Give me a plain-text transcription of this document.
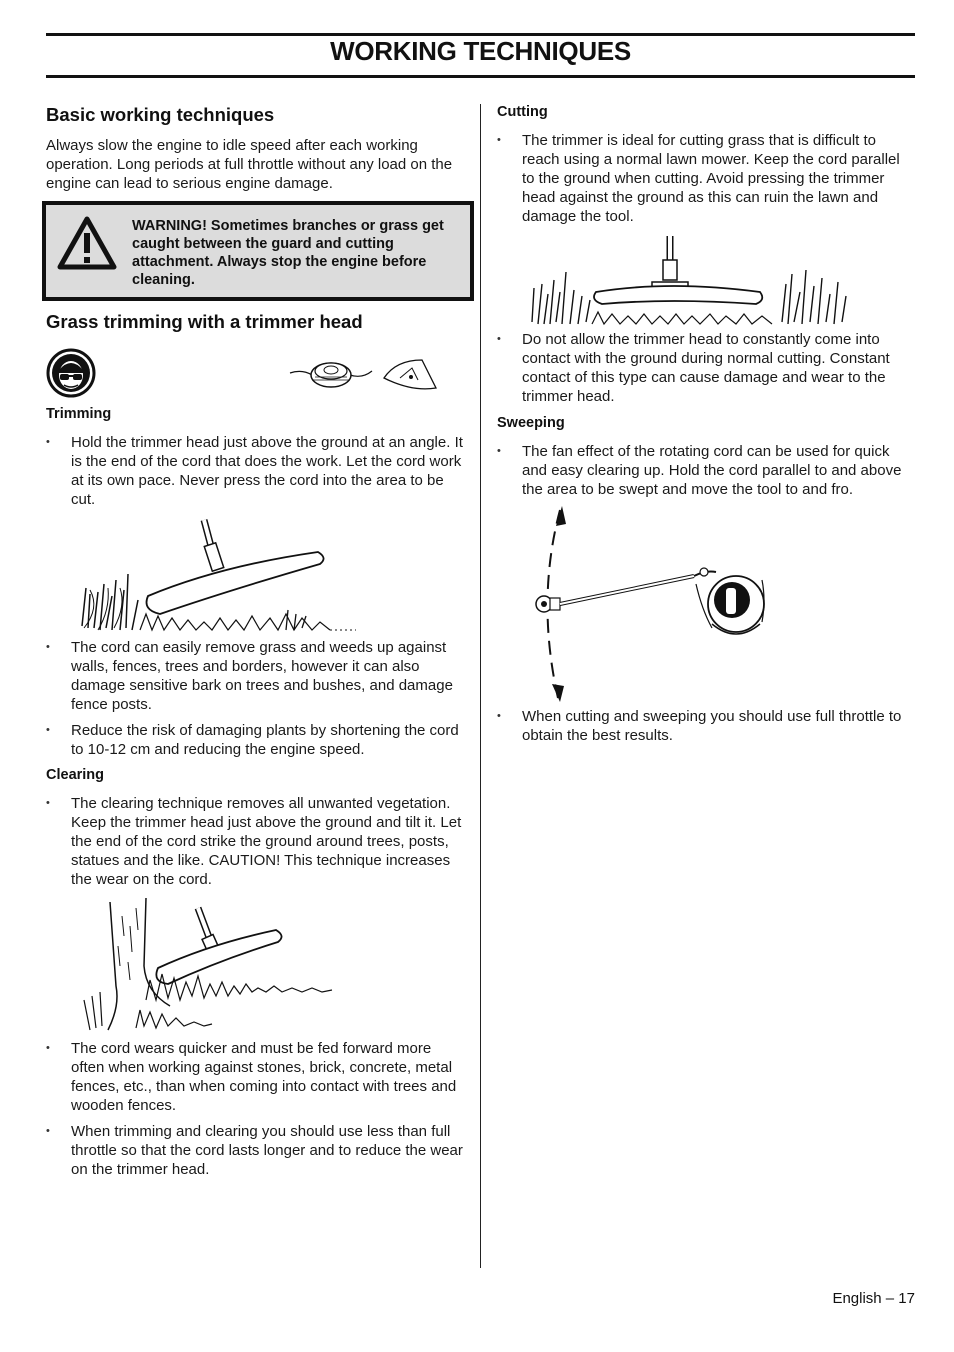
WORKING TECHNIQUES
Basic working techniques

Always slow the engine to idle speed after each working operation. Long periods at full throttle without any load on the engine can lead to serious engine damage.

WARNING! Sometimes branches or grass get caught between the guard and cutting attachment. Always stop the engine before cleaning.
Grass trimming with a trimmer head
Trimming
• Hold the trimmer head just above the ground at an angle. It is the end of the cord that does the work. Let the cord work at its own pace. Never press the cord into the area to be cut.
• The cord can easily remove grass and weeds up against walls, fences, trees and borders, however it can also damage sensitive bark on trees and bushes, and damage fence posts.
• Reduce the risk of damaging plants by shortening the cord to 10-12 cm and reducing the engine speed.
Clearing
• The clearing technique removes all unwanted vegetation. Keep the trimmer head just above the ground and tilt it. Let the end of the cord strike the ground around trees, posts, statues and the like. CAUTION! This technique increases the wear on the cord.
• The cord wears quicker and must be fed forward more often when working against stones, brick, concrete, metal fences, etc., than when coming into contact with trees and wooden fences.
• When trimming and clearing you should use less than full throttle so that the cord lasts longer and to reduce the wear on the trimmer head.
Cutting
• The trimmer is ideal for cutting grass that is difficult to reach using a normal lawn mower. Keep the cord parallel to the ground when cutting. Avoid pressing the trimmer head against the ground as this can ruin the lawn and damage the tool.
• Do not allow the trimmer head to constantly come into contact with the ground during normal cutting. Constant contact of this type can cause damage and wear to the trimmer head.
Sweeping
• The fan effect of the rotating cord can be used for quick and easy clearing up. Hold the cord parallel to and above the area to be swept and move the tool to and fro.
• When cutting and sweeping you should use full throttle to obtain the best results.
English – 17
